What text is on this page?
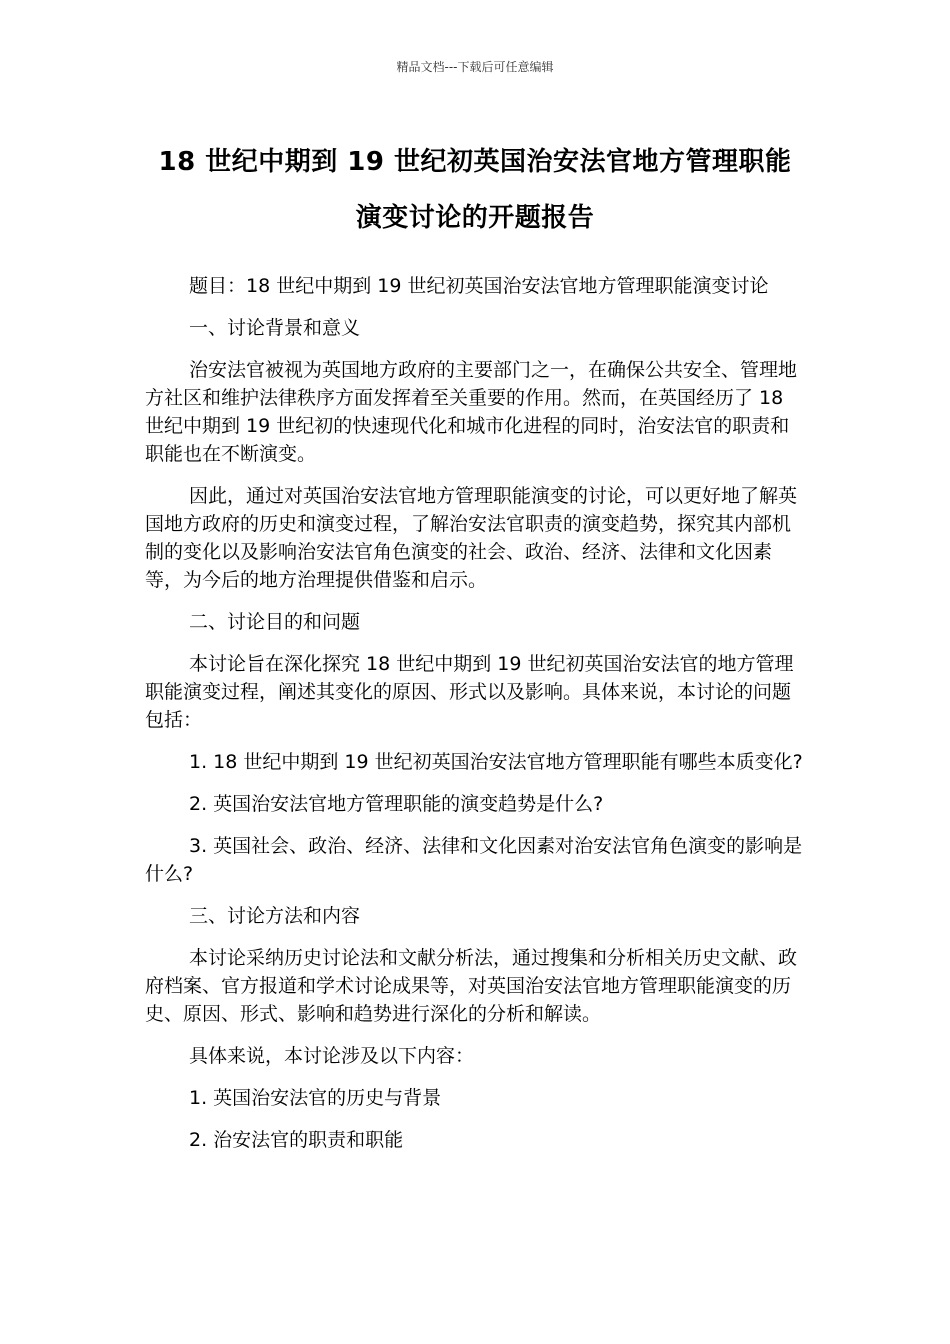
精品文档---下载后可任意编辑
18 世纪中期到 19 世纪初英国治安法官地方管理职能
演变讨论的开题报告

题目：18 世纪中期到 19 世纪初英国治安法官地方管理职能演变讨论

一、讨论背景和意义

治安法官被视为英国地方政府的主要部门之一，在确保公共安全、管理地方社区和维护法律秩序方面发挥着至关重要的作用。然而，在英国经历了 18 世纪中期到 19 世纪初的快速现代化和城市化进程的同时，治安法官的职责和职能也在不断演变。

因此，通过对英国治安法官地方管理职能演变的讨论，可以更好地了解英国地方政府的历史和演变过程，了解治安法官职责的演变趋势，探究其内部机制的变化以及影响治安法官角色演变的社会、政治、经济、法律和文化因素等，为今后的地方治理提供借鉴和启示。

二、讨论目的和问题

本讨论旨在深化探究 18 世纪中期到 19 世纪初英国治安法官的地方管理职能演变过程，阐述其变化的原因、形式以及影响。具体来说，本讨论的问题包括：

1. 18 世纪中期到 19 世纪初英国治安法官地方管理职能有哪些本质变化?

2. 英国治安法官地方管理职能的演变趋势是什么?

3. 英国社会、政治、经济、法律和文化因素对治安法官角色演变的影响是什么?

三、讨论方法和内容

本讨论采纳历史讨论法和文献分析法，通过搜集和分析相关历史文献、政府档案、官方报道和学术讨论成果等，对英国治安法官地方管理职能演变的历史、原因、形式、影响和趋势进行深化的分析和解读。

具体来说，本讨论涉及以下内容：

1. 英国治安法官的历史与背景

2. 治安法官的职责和职能
